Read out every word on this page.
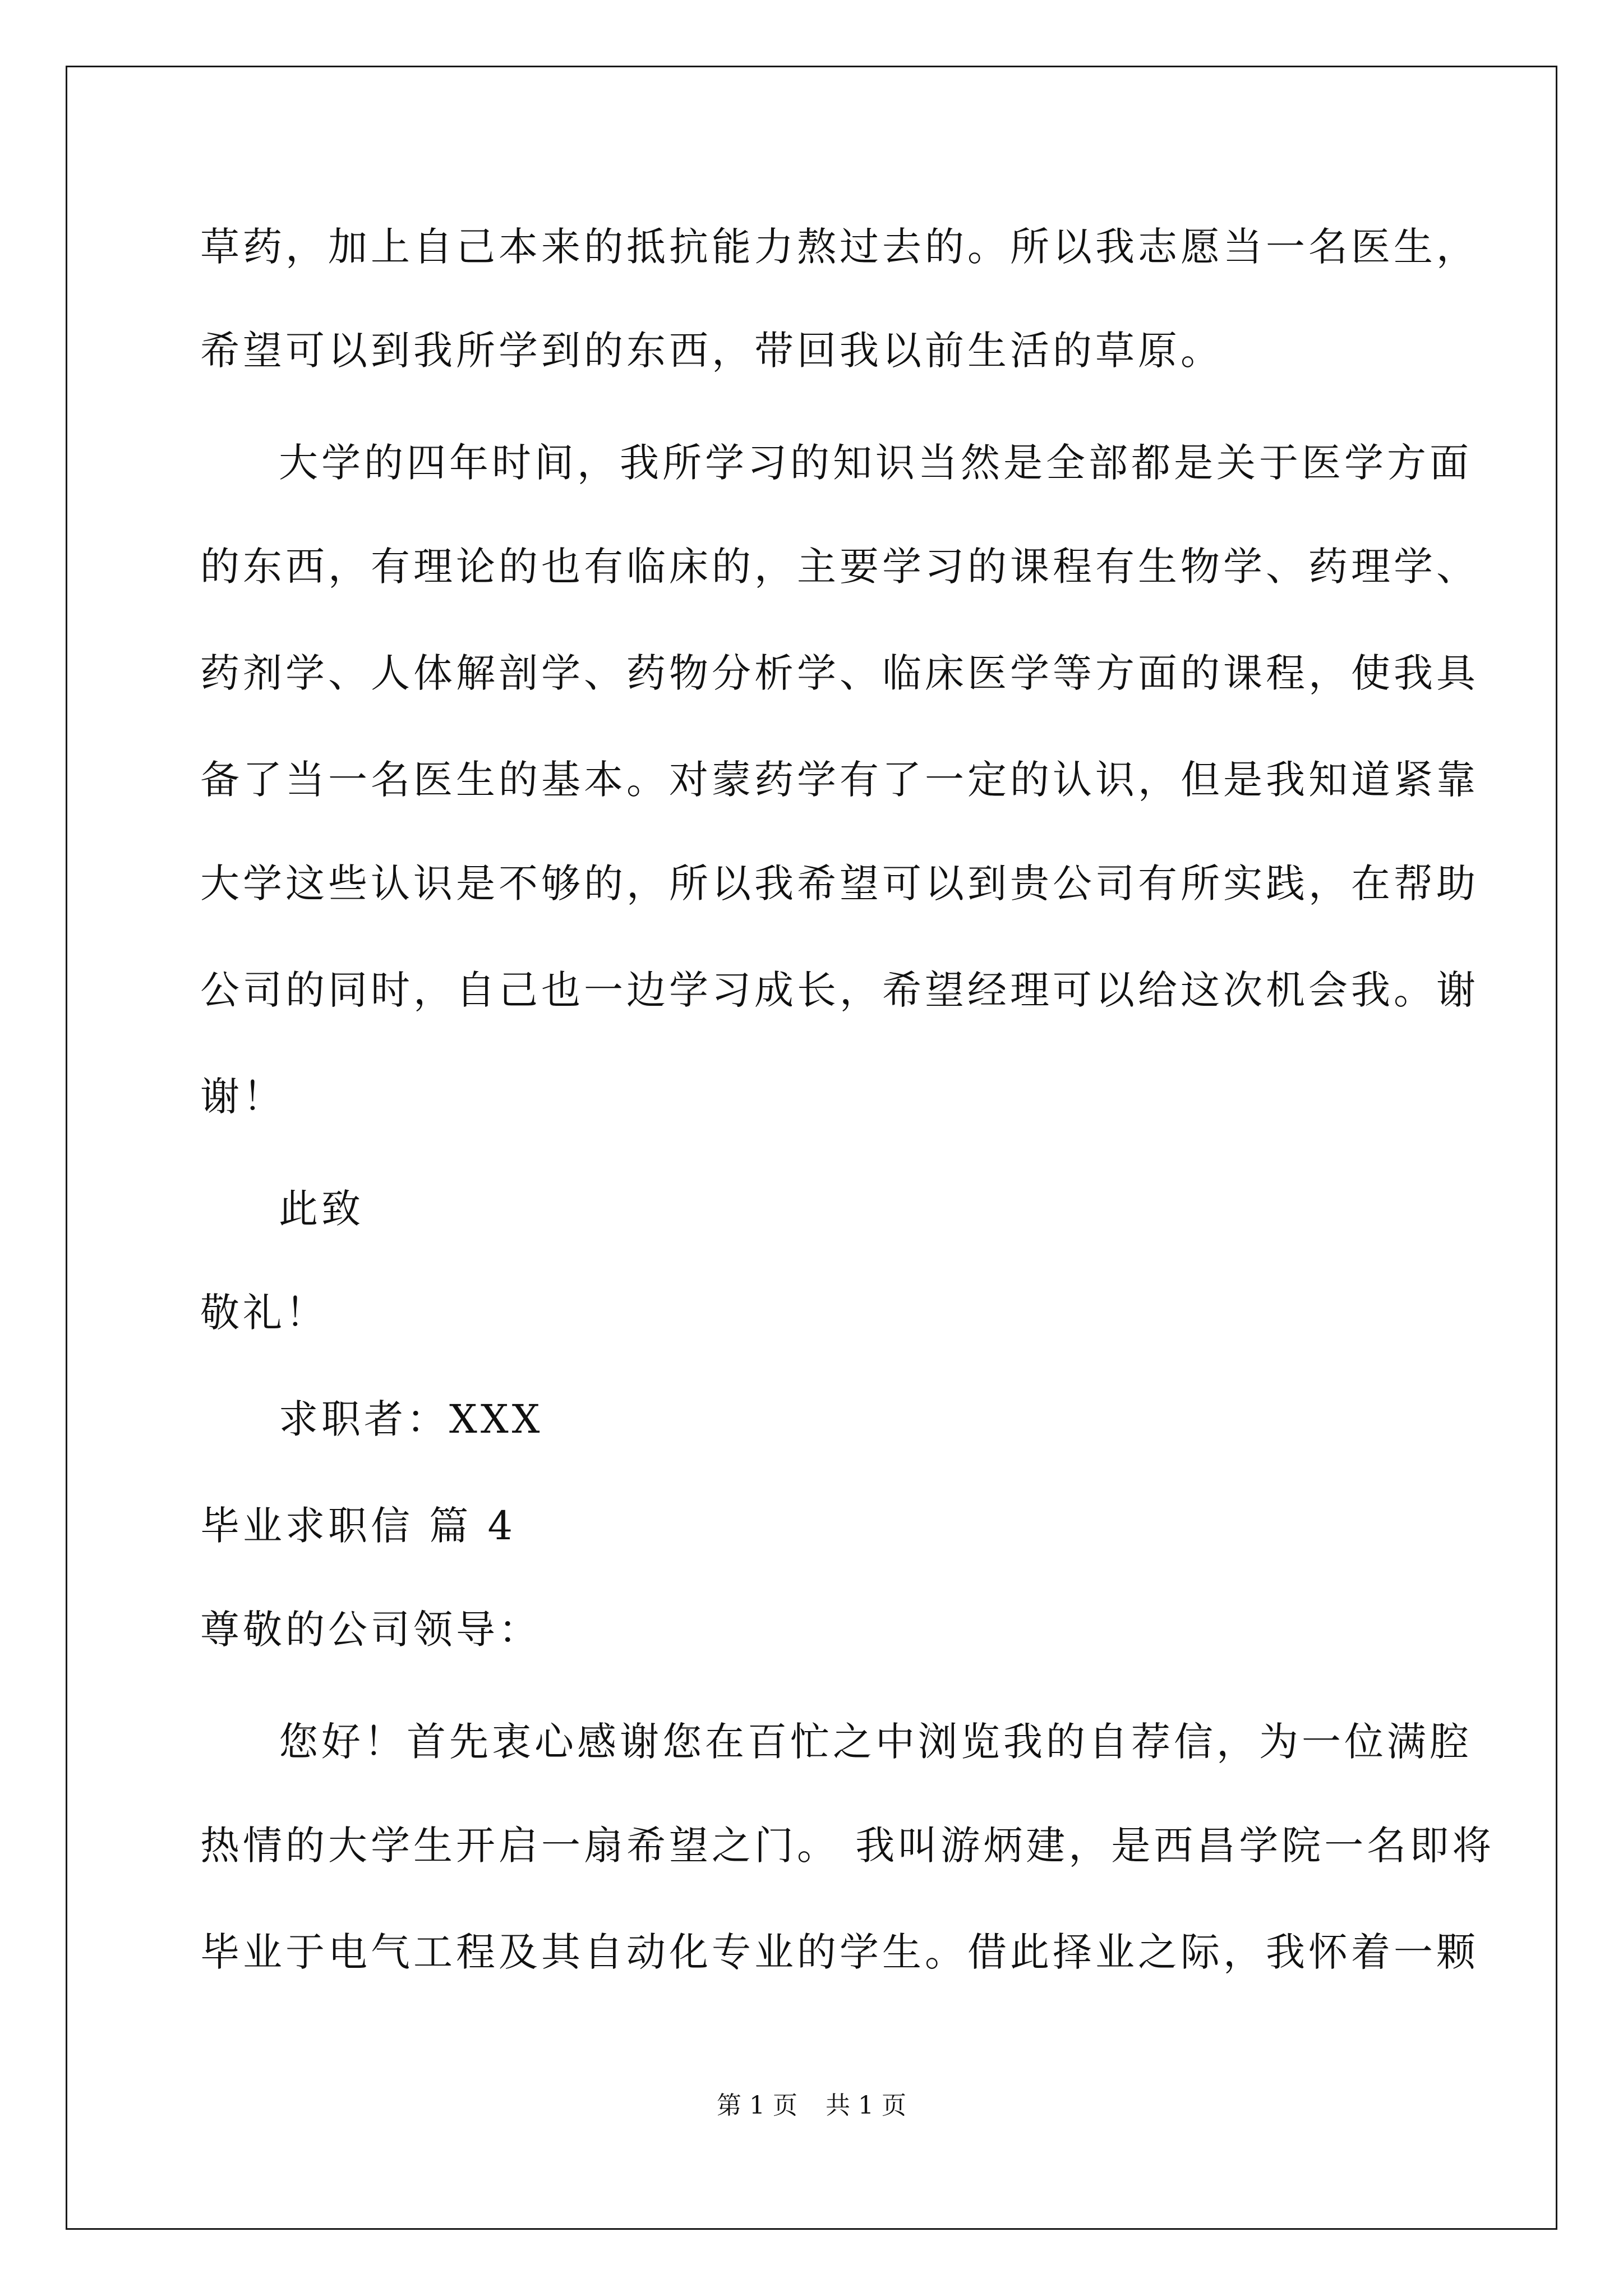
草药，加上自己本来的抵抗能力熬过去的。所以我志愿当一名医生，
希望可以到我所学到的东西，带回我以前生活的草原。
大学的四年时间，我所学习的知识当然是全部都是关于医学方面
的东西，有理论的也有临床的，主要学习的课程有生物学、药理学、
药剂学、人体解剖学、药物分析学、临床医学等方面的课程，使我具
备了当一名医生的基本。对蒙药学有了一定的认识，但是我知道紧靠
大学这些认识是不够的，所以我希望可以到贵公司有所实践，在帮助
公司的同时，自己也一边学习成长，希望经理可以给这次机会我。谢
谢！
此致
敬礼！
求职者：XXX
毕业求职信 篇 4
尊敬的公司领导：
您好！首先衷心感谢您在百忙之中浏览我的自荐信，为一位满腔
热情的大学生开启一扇希望之门。 我叫游炳建，是西昌学院一名即将
毕业于电气工程及其自动化专业的学生。借此择业之际，我怀着一颗
第 1 页 共 1 页
